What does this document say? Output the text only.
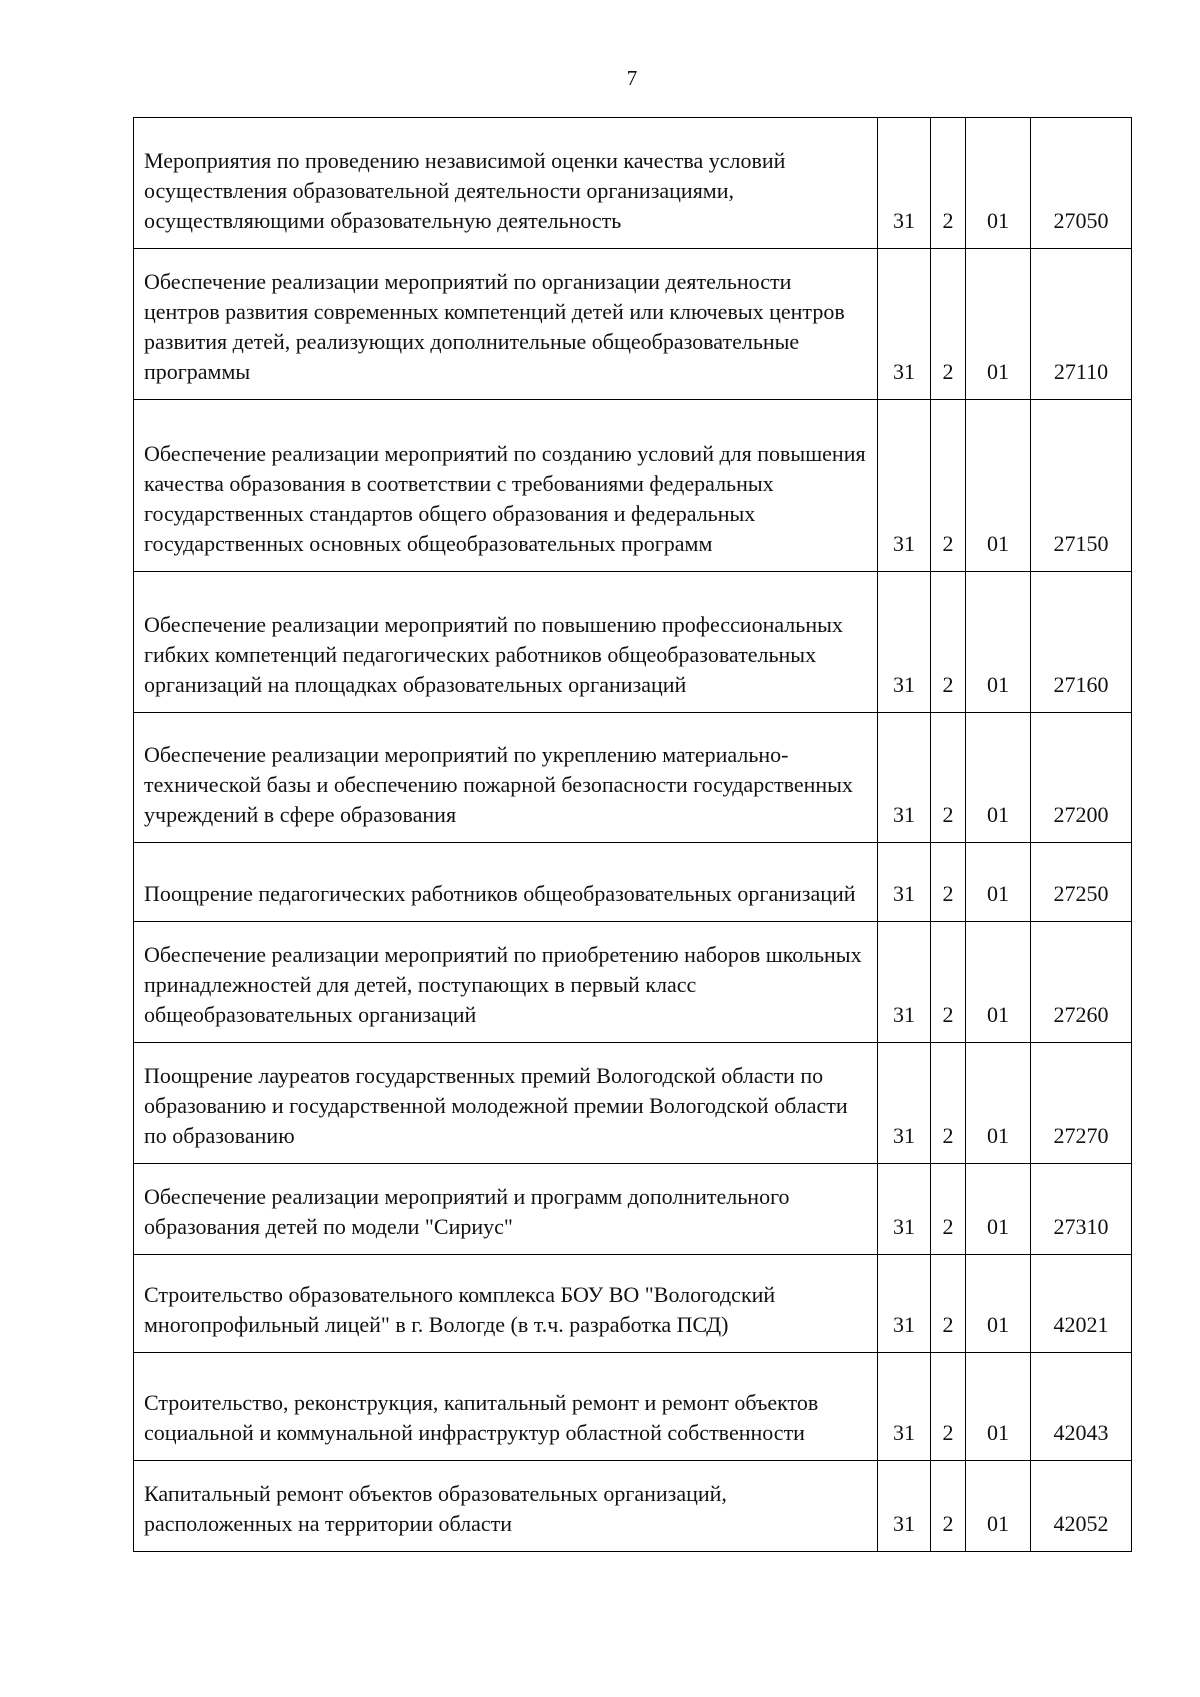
7
Мероприятия по проведению независимой оценки качества условий осуществления образовательной деятельности организациями, осуществляющими образовательную деятельность	31	2	01	27050
Обеспечение реализации мероприятий по организации деятельности центров развития современных компетенций детей или ключевых центров развития детей, реализующих дополнительные общеобразовательные программы	31	2	01	27110
Обеспечение реализации мероприятий по созданию условий для повышения качества образования в соответствии с требованиями федеральных государственных стандартов общего образования и федеральных государственных основных общеобразовательных программ	31	2	01	27150
Обеспечение реализации мероприятий по повышению профессиональных гибких компетенций педагогических работников общеобразовательных организаций на площадках образовательных организаций	31	2	01	27160
Обеспечение реализации мероприятий по укреплению материально-технической базы и обеспечению пожарной безопасности государственных учреждений в сфере образования	31	2	01	27200
Поощрение педагогических работников общеобразовательных организаций	31	2	01	27250
Обеспечение реализации мероприятий по приобретению наборов школьных принадлежностей для детей, поступающих в первый класс общеобразовательных организаций	31	2	01	27260
Поощрение лауреатов государственных премий Вологодской области по образованию и государственной молодежной премии Вологодской области по образованию	31	2	01	27270
Обеспечение реализации мероприятий и программ дополнительного образования детей по модели "Сириус"	31	2	01	27310
Строительство образовательного комплекса БОУ ВО "Вологодский многопрофильный лицей" в г. Вологде (в т.ч. разработка ПСД)	31	2	01	42021
Строительство, реконструкция, капитальный ремонт и ремонт объектов социальной и коммунальной инфраструктур областной собственности	31	2	01	42043
Капитальный ремонт объектов образовательных организаций, расположенных на территории области	31	2	01	42052
